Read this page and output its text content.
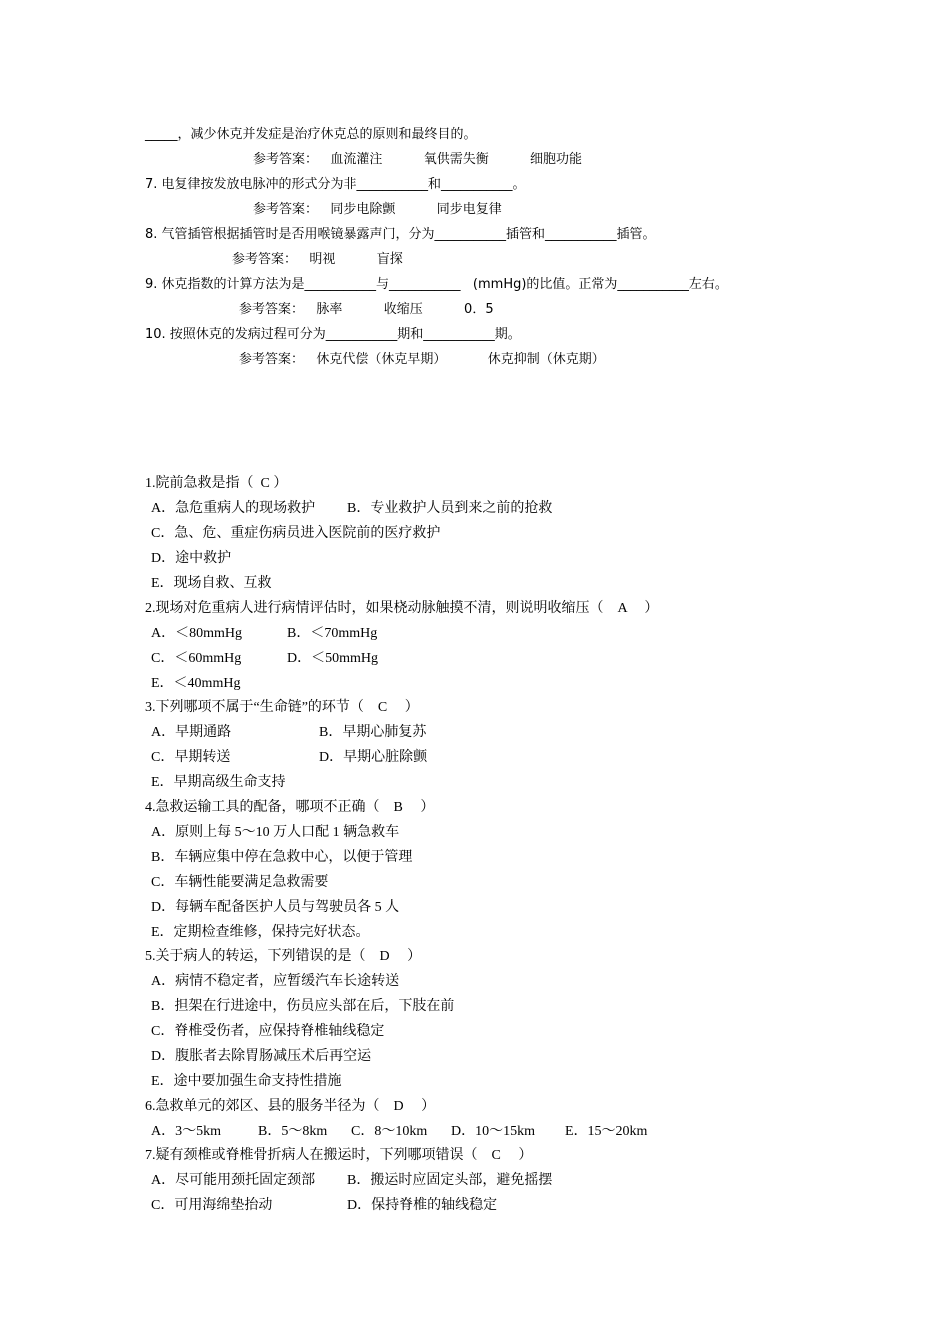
_____，减少休克并发症是治疗休克总的原则和最终目的。
参考答案：   血流灌注          氧供需失衡          细胞功能
7. 电复律按发放电脉冲的形式分为非___________和___________。
参考答案：   同步电除颤          同步电复律
8. 气管插管根据插管时是否用喉镜暴露声门，分为___________插管和___________插管。
参考答案：   明视          盲探
9. 休克指数的计算方法为是___________与___________   (mmHg)的比值。正常为___________左右。
参考答案：   脉率          收缩压          0．5
10. 按照休克的发病过程可分为___________期和___________期。
参考答案：   休克代偿（休克早期）          休克抑制（休克期）
1.院前急救是指（  C ）
A．急危重病人的现场救护 B．专业救护人员到来之前的抢救
C．急、危、重症伤病员进入医院前的医疗救护
D．途中救护
E．现场自救、互救
2.现场对危重病人进行病情评估时，如果桡动脉触摸不清，则说明收缩压（    A     ）
A．＜80mmHg	B．＜70mmHg
C．＜60mmHg	D．＜50mmHg
E．＜40mmHg
3.下列哪项不属于“生命链”的环节（    C     ）
A．早期通路	B．早期心肺复苏
C．早期转送	D．早期心脏除颤
E．早期高级生命支持
4.急救运输工具的配备，哪项不正确（    B     ）
A．原则上每 5～10 万人口配 1 辆急救车
B．车辆应集中停在急救中心，以便于管理
C．车辆性能要满足急救需要
D．每辆车配备医护人员与驾驶员各 5 人
E．定期检查维修，保持完好状态。
5.关于病人的转运，下列错误的是（    D     ）
A．病情不稳定者，应暂缓汽车长途转送
B．担架在行进途中，伤员应头部在后，下肢在前
C．脊椎受伤者，应保持脊椎轴线稳定
D．腹胀者去除胃肠减压术后再空运
E．途中要加强生命支持性措施
6.急救单元的郊区、县的服务半径为（    D     ）
A．3～5km	B．5～8km C．8～10km D．10～15km E．15～20km
7.疑有颈椎或脊椎骨折病人在搬运时，下列哪项错误（    C     ）
A．尽可能用颈托固定颈部 B．搬运时应固定头部，避免摇摆
C．可用海绵垫抬动	D．保持脊椎的轴线稳定
